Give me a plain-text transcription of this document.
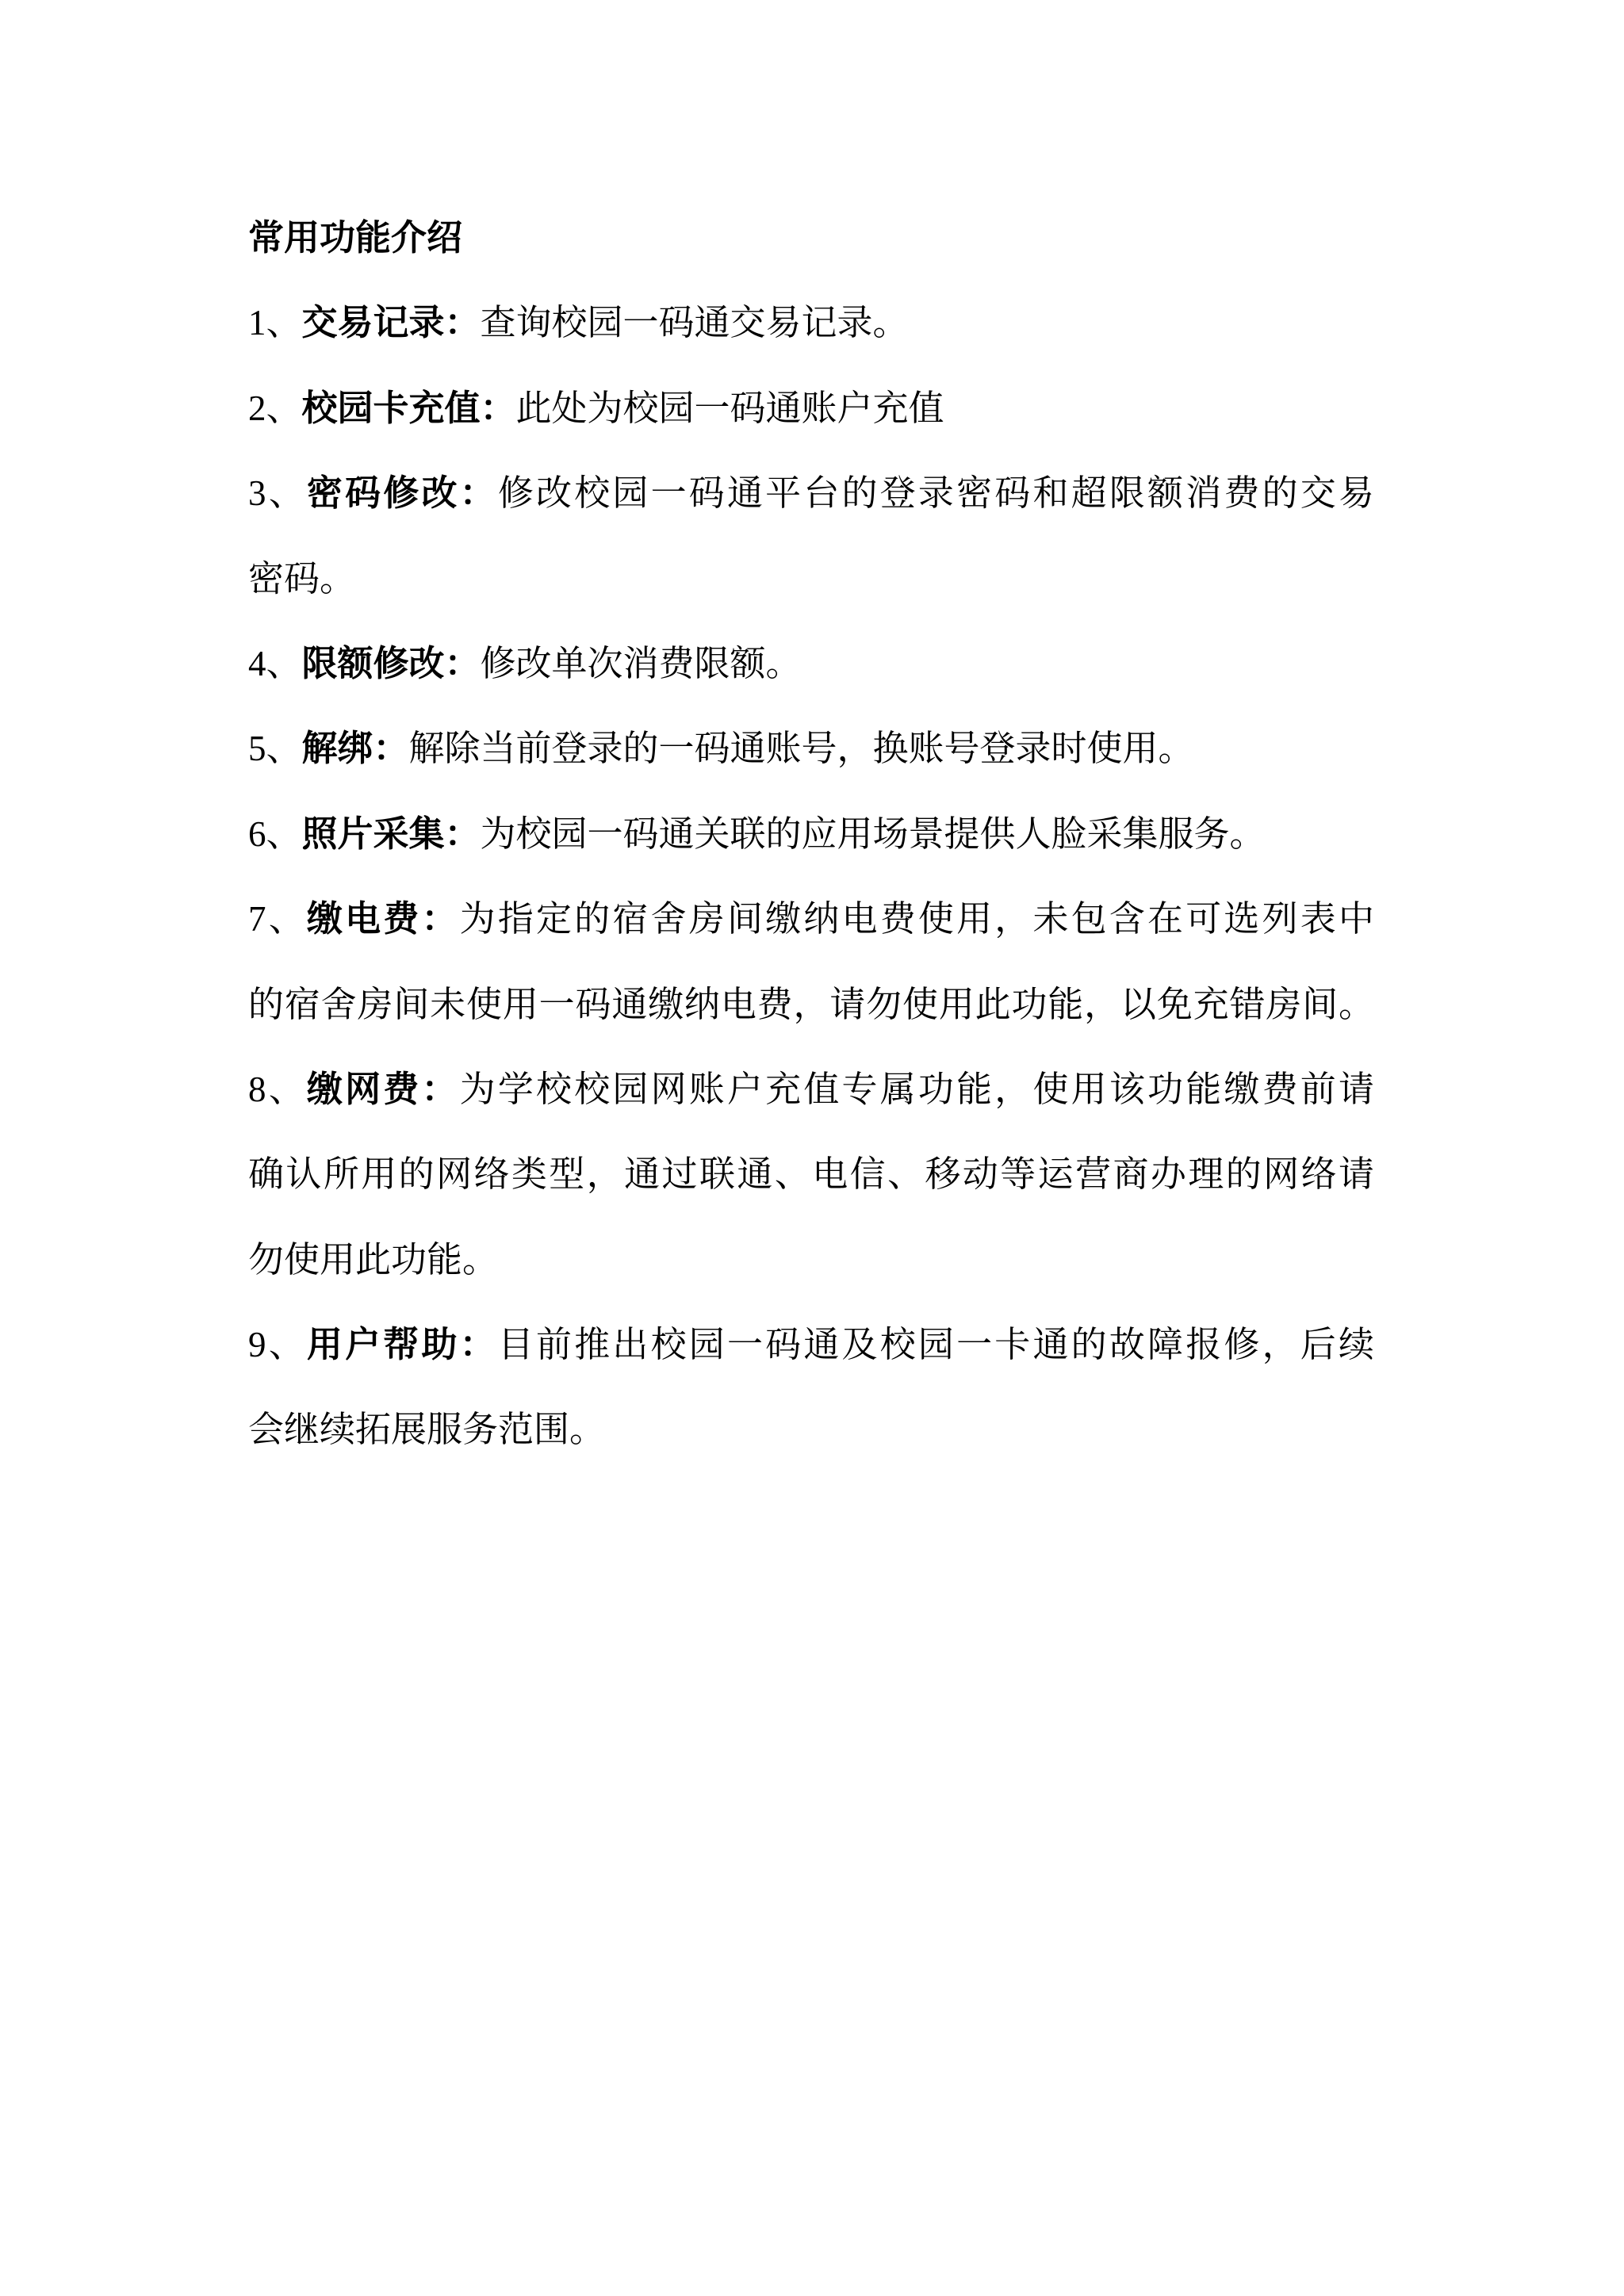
常用功能介绍
1、交易记录：查询校园一码通交易记录。
2、校园卡充值：此处为校园一码通账户充值
3、密码修改：修改校园一码通平台的登录密码和超限额消费的交易
密码。
4、限额修改：修改单次消费限额。
5、解绑：解除当前登录的一码通账号，换账号登录时使用。
6、照片采集：为校园一码通关联的应用场景提供人脸采集服务。
7、缴电费：为指定的宿舍房间缴纳电费使用，未包含在可选列表中
的宿舍房间未使用一码通缴纳电费，请勿使用此功能，以免充错房间。
8、缴网费：为学校校园网账户充值专属功能，使用该功能缴费前请
确认所用的网络类型，通过联通、电信、移动等运营商办理的网络请
勿使用此功能。
9、用户帮助：目前推出校园一码通及校园一卡通的故障报修，后续
会继续拓展服务范围。
